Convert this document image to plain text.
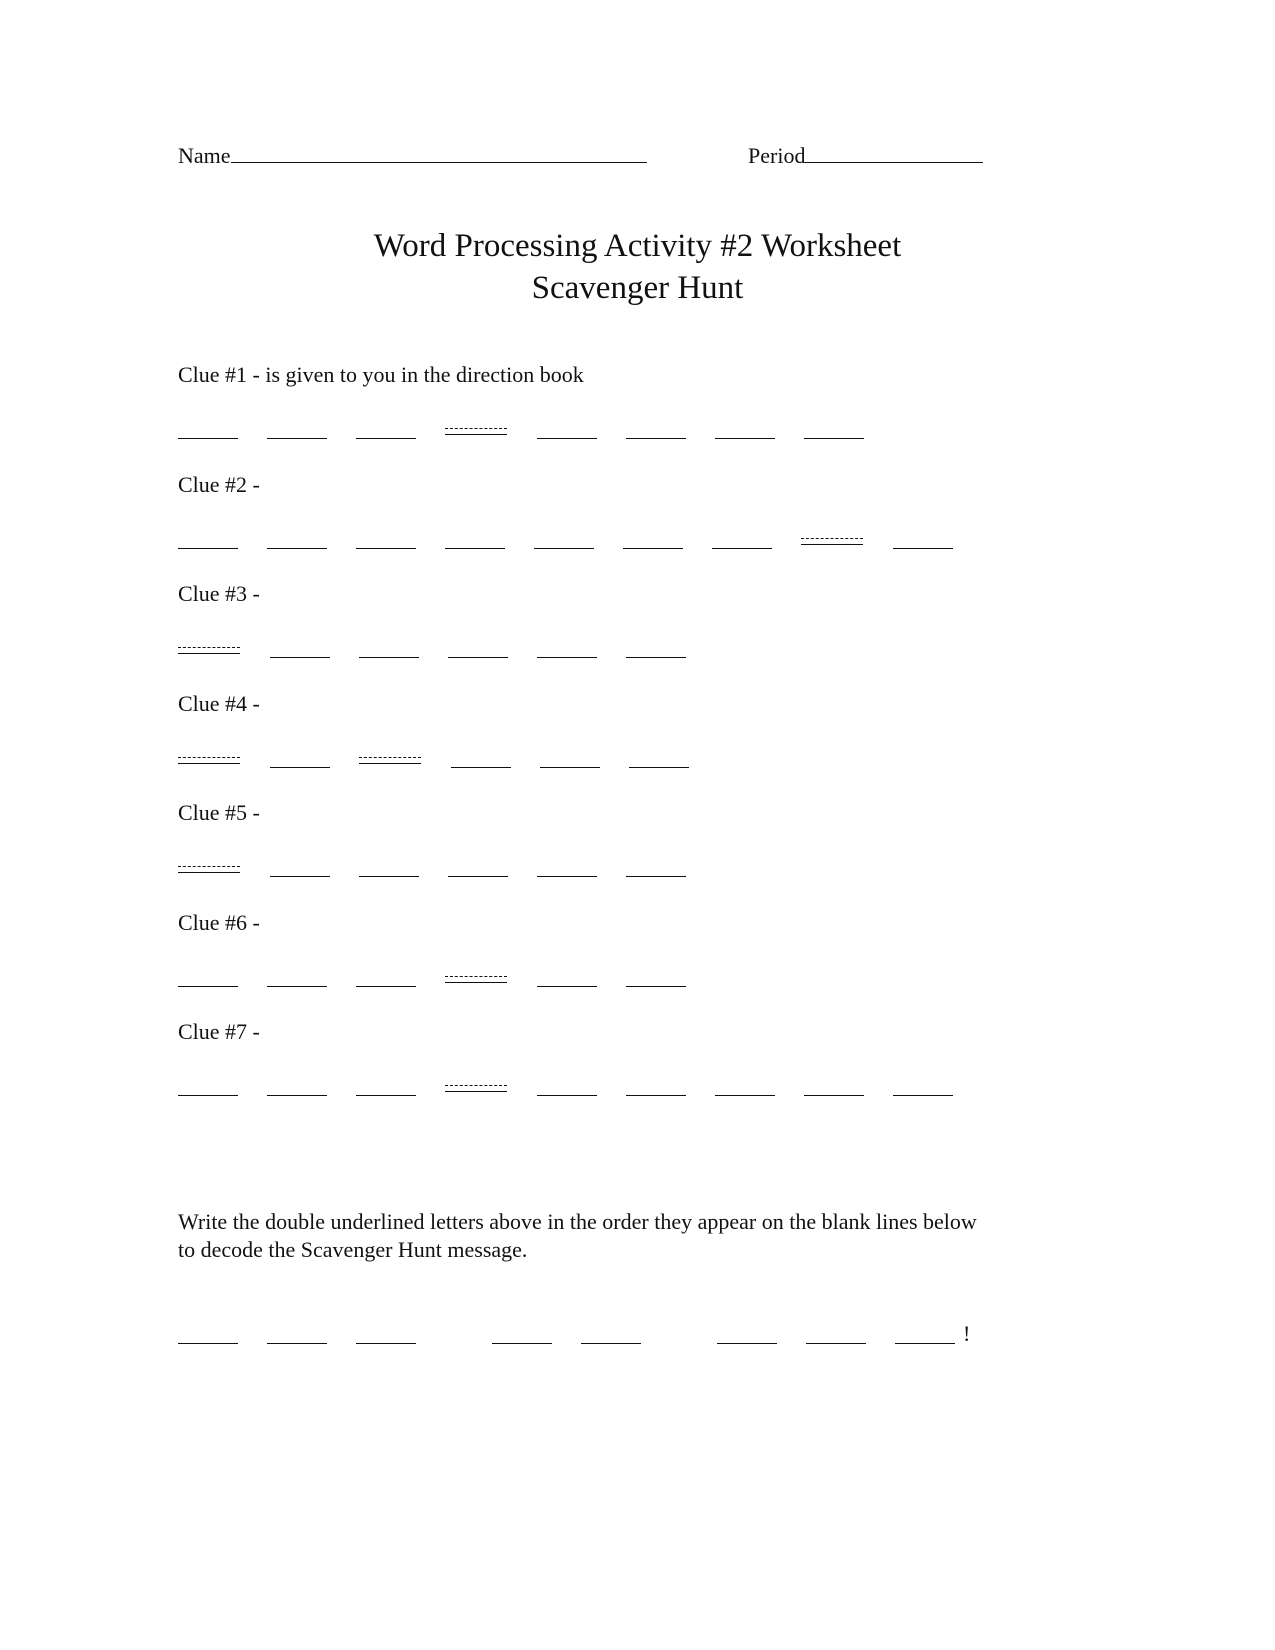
Name	Period
Word Processing Activity #2 Worksheet
Scavenger Hunt
Clue #1 - is given to you in the direction book
Clue #2 -
Clue #3 -
Clue #4 -
Clue #5 -
Clue #6 -
Clue #7 -
Write the double underlined letters above in the order they appear on the blank lines below to decode the Scavenger Hunt message.
!
